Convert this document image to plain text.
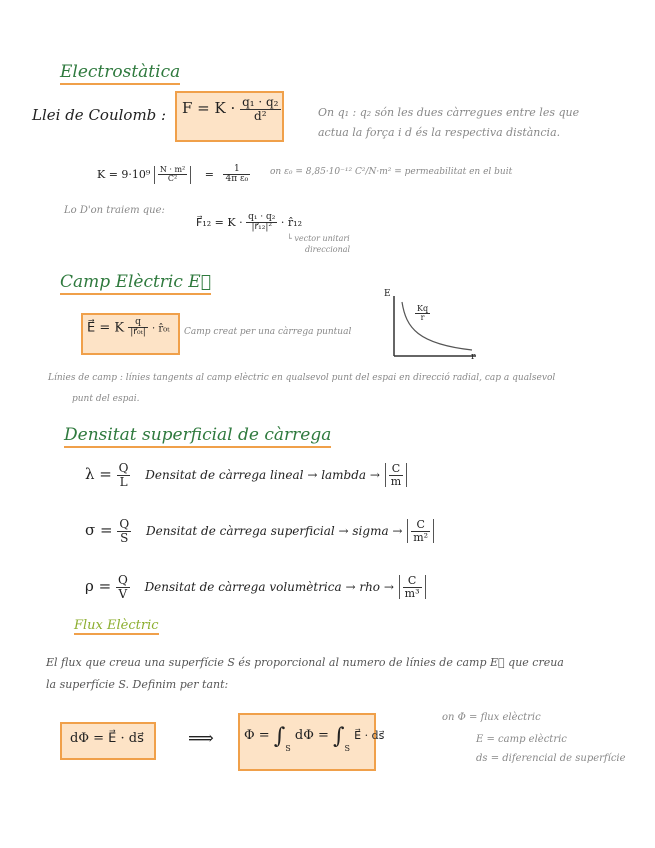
Electrostàtica
Llei de Coulomb : $F = K \cdot \frac{\text{q₁ · q₂}}{\text{d²}}$	On q₁ : q₂ són les dues càrregues entre les que
actua la força i d és la respectiva distància.
$K = 9\cdot 10^9 \frac{\text{N · m²}}{\text{C²}} = \frac{1}{\text{4π ε₀}}$ on ε₀ = 8,85·10⁻¹² C²/N·m² = permeabilitat en el buit
Lo D'on traiem que:
F⃗₁₂ = $K \cdot \frac{\text{q₁ · q₂}}{\text{|r⃗₁₂|²}}$ · r̂₁₂
└ vector unitari
direccional
Camp Elèctric E⃗
E⃗ = K $\frac{q}{\text{|r⃗₀ₜ|}}$ · r̂₀ₜ Camp creat per una càrrega puntual
E
r
$\frac{Kq}{r}$
Línies de camp : línies tangents al camp elèctric en qualsevol punt del espai en direcció radial, cap a qualsevol
punt del espai.
Densitat superficial de càrrega
$\lambda = \frac{Q}{L}$ Densitat de càrrega lineal → lambda → $\frac{C}{m}$
$\sigma = \frac{Q}{S}$ Densitat de càrrega superficial → sigma → $\frac{C}{\text{m²}}$
$\rho = \frac{Q}{V}$ Densitat de càrrega volumètrica → rho → $\frac{C}{\text{m³}}$
Flux Elèctric
El flux que creua una superfície S és proporcional al numero de línies de camp E⃗ que creua
la superfície S. Definim per tant:
dΦ = E⃗ · ds⃗ ⟹ $\Phi = \int_S$ $d\Phi = \int_S$ E⃗ · ds⃗
on Φ = flux elèctric
E = camp elèctric
ds = diferencial de superfície
